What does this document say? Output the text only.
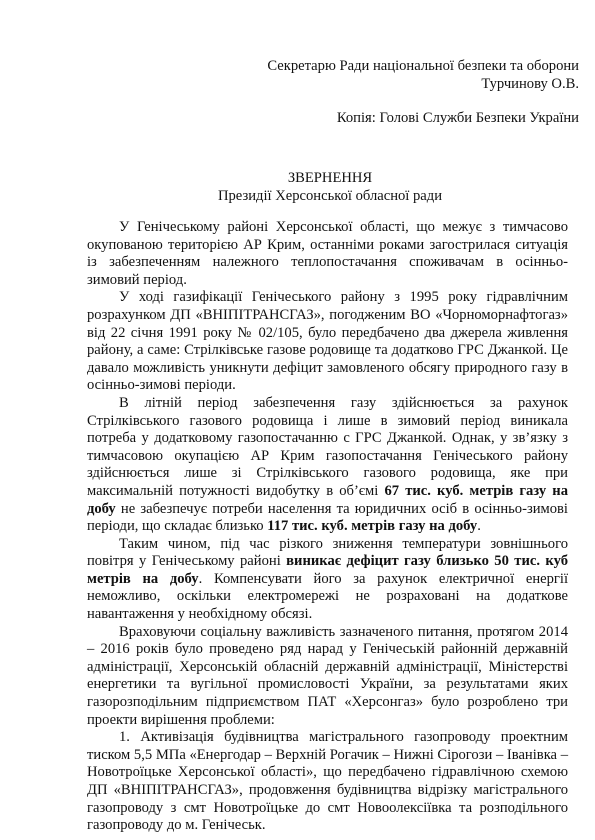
Секретарю Ради національної безпеки та оборони
Турчинову О.В.
Копія: Голові Служби Безпеки України
ЗВЕРНЕННЯ
Президії Херсонської обласної ради

У Генічеському районі Херсонської області, що межує з тимчасово окупованою територією АР Крим, останніми роками загострилася ситуація із забезпеченням належного теплопостачання споживачам в осінньо-зимовий період.

У ході газифікації Генічеського району з 1995 року гідравлічним розрахунком ДП «ВНІПІТРАНСГАЗ», погодженим ВО «Чорноморнафтогаз» від 22 січня 1991 року № 02/105, було передбачено два джерела живлення району, а саме: Стрілківське газове родовище та додатково ГРС Джанкой. Це давало можливість уникнути дефіцит замовленого обсягу природного газу в осінньо-зимові періоди.

В літній період забезпечення газу здійснюється за рахунок Стрілківського газового родовища і лише в зимовий період виникала потреба у додатковому газопостачанню с ГРС Джанкой. Однак, у зв’язку з тимчасовою окупацією АР Крим газопостачання Генічеського району здійснюється лише зі Стрілківського газового родовища, яке при максимальній потужності видобутку в об’ємі 67 тис. куб. метрів газу на добу не забезпечує потреби населення та юридичних осіб в осінньо-зимові періоди, що складає близько 117 тис. куб. метрів газу на добу.

Таким чином, під час різкого зниження температури зовнішнього повітря у Генічеському районі виникає дефіцит газу близько 50 тис. куб метрів на добу. Компенсувати його за рахунок електричної енергії неможливо, оскільки електромережі не розраховані на додаткове навантаження у необхідному обсязі.

Враховуючи соціальну важливість зазначеного питання, протягом 2014 – 2016 років було проведено ряд нарад у Генічеській районній державній адміністрації, Херсонській обласній державній адміністрації, Міністерстві енергетики та вугільної промисловості України, за результатами яких газорозподільним підприємством ПАТ «Херсонгаз» було розроблено три проекти вирішення проблеми:

1. Активізація будівництва магістрального газопроводу проектним тиском 5,5 МПа «Енергодар – Верхній Рогачик – Нижні Сірогози – Іванівка – Новотроїцьке Херсонської області», що передбачено гідравлічною схемою ДП «ВНІПІТРАНСГАЗ», продовження будівництва відрізку магістрального газопроводу з смт Новотроїцьке до смт Новоолексіївка та розподільного газопроводу до м. Генічеськ.
